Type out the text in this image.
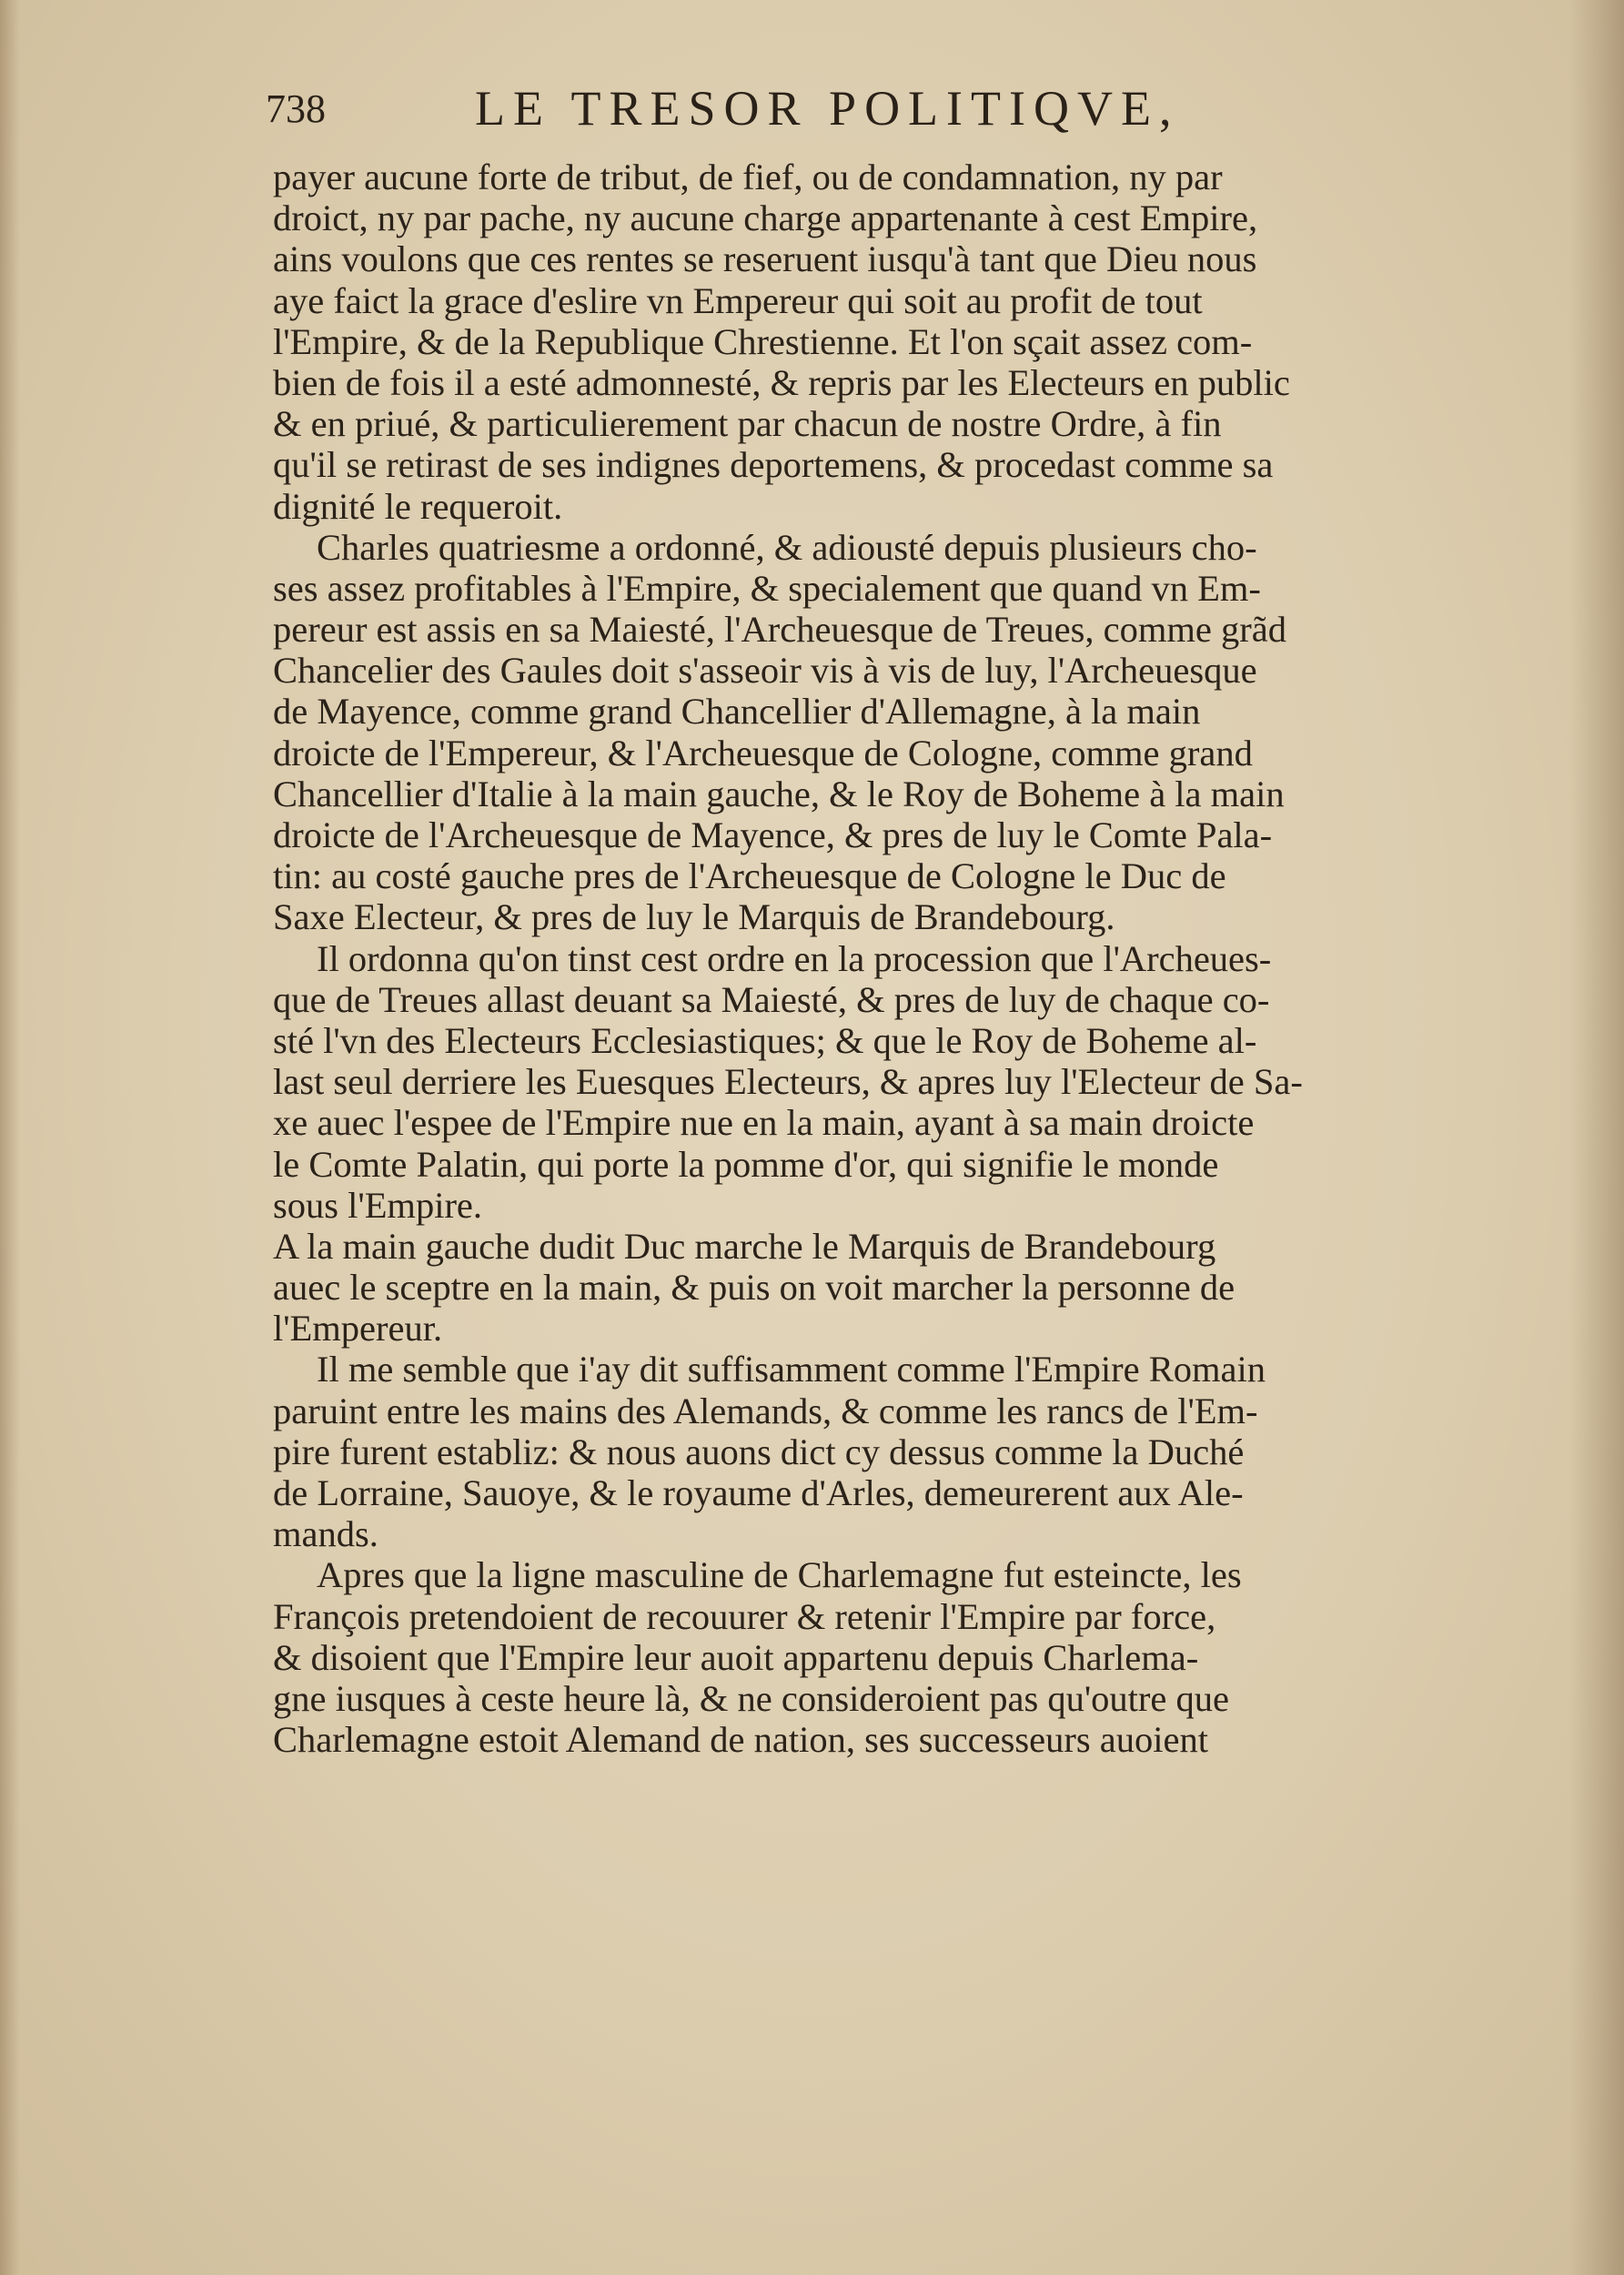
738	LE TRESOR POLITIQVE,
payer aucune forte de tribut, de fief, ou de condamnation, ny par
droict, ny par pache, ny aucune charge appartenante à cest Empire,
ains voulons que ces rentes se reseruent iusqu'à tant que Dieu nous
aye faict la grace d'eslire vn Empereur qui soit au profit de tout
l'Empire, & de la Republique Chrestienne. Et l'on sçait assez com-
bien de fois il a esté admonnesté, & repris par les Electeurs en public
& en priué, & particulierement par chacun de nostre Ordre, à fin
qu'il se retirast de ses indignes deportemens, & procedast comme sa
dignité le requeroit.
Charles quatriesme a ordonné, & adiousté depuis plusieurs cho-
ses assez profitables à l'Empire, & specialement que quand vn Em-
pereur est assis en sa Maiesté, l'Archeuesque de Treues, comme grãd
Chancelier des Gaules doit s'asseoir vis à vis de luy, l'Archeuesque
de Mayence, comme grand Chancellier d'Allemagne, à la main
droicte de l'Empereur, & l'Archeuesque de Cologne, comme grand
Chancellier d'Italie à la main gauche, & le Roy de Boheme à la main
droicte de l'Archeuesque de Mayence, & pres de luy le Comte Pala-
tin: au costé gauche pres de l'Archeuesque de Cologne le Duc de
Saxe Electeur, & pres de luy le Marquis de Brandebourg.
Il ordonna qu'on tinst cest ordre en la procession que l'Archeues-
que de Treues allast deuant sa Maiesté, & pres de luy de chaque co-
sté l'vn des Electeurs Ecclesiastiques; & que le Roy de Boheme al-
last seul derriere les Euesques Electeurs, & apres luy l'Electeur de Sa-
xe auec l'espee de l'Empire nue en la main, ayant à sa main droicte
le Comte Palatin, qui porte la pomme d'or, qui signifie le monde
sous l'Empire.
A la main gauche dudit Duc marche le Marquis de Brandebourg
auec le sceptre en la main, & puis on voit marcher la personne de
l'Empereur.
Il me semble que i'ay dit suffisamment comme l'Empire Romain
paruint entre les mains des Alemands, & comme les rancs de l'Em-
pire furent establiz: & nous auons dict cy dessus comme la Duché
de Lorraine, Sauoye, & le royaume d'Arles, demeurerent aux Ale-
mands.
Apres que la ligne masculine de Charlemagne fut esteincte, les
François pretendoient de recouurer & retenir l'Empire par force,
& disoient que l'Empire leur auoit appartenu depuis Charlema-
gne iusques à ceste heure là, & ne consideroient pas qu'outre que
Charlemagne estoit Alemand de nation, ses successeurs auoient
